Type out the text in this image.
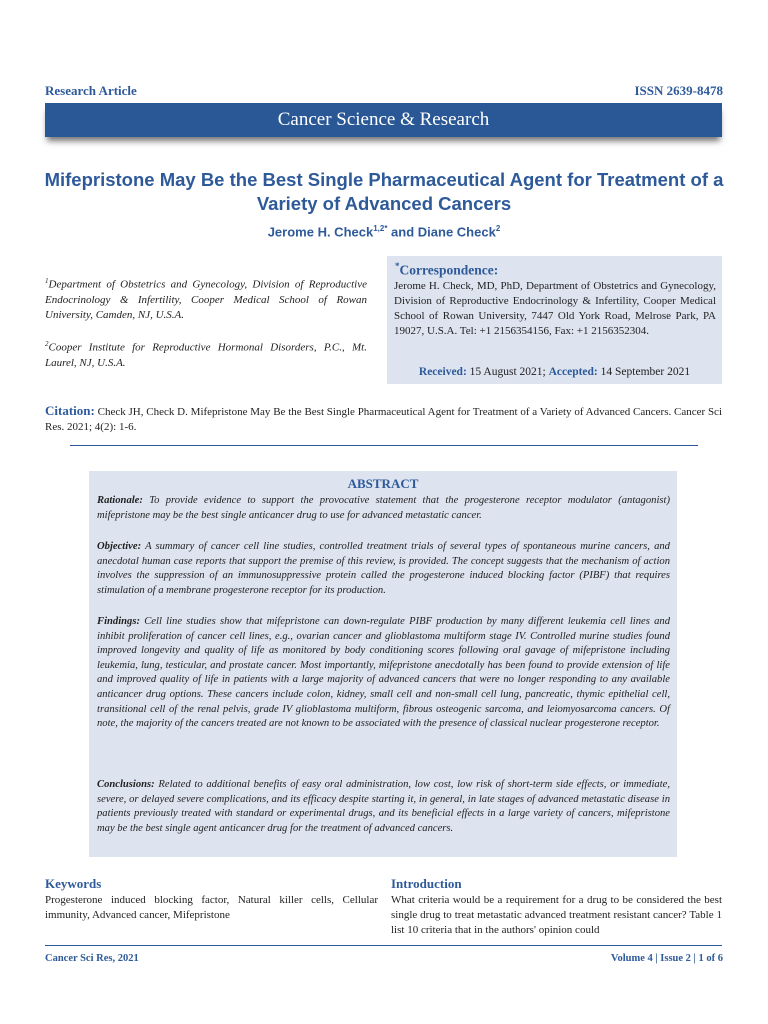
Research Article	ISSN 2639-8478
Cancer Science & Research
Mifepristone May Be the Best Single Pharmaceutical Agent for Treatment of a Variety of Advanced Cancers
Jerome H. Check$^{1,2*}$ and Diane Check$^2$
$^1$Department of Obstetrics and Gynecology, Division of Reproductive Endocrinology & Infertility, Cooper Medical School of Rowan University, Camden, NJ, U.S.A.
$^2$Cooper Institute for Reproductive Hormonal Disorders, P.C., Mt. Laurel, NJ, U.S.A.
*Correspondence:
Jerome H. Check, MD, PhD, Department of Obstetrics and Gynecology, Division of Reproductive Endocrinology & Infertility, Cooper Medical School of Rowan University, 7447 Old York Road, Melrose Park, PA 19027, U.S.A. Tel: +1 2156354156, Fax: +1 2156352304.
Received: 15 August 2021; Accepted: 14 September 2021
Citation: Check JH, Check D. Mifepristone May Be the Best Single Pharmaceutical Agent for Treatment of a Variety of Advanced Cancers. Cancer Sci Res. 2021; 4(2): 1-6.
ABSTRACT
Rationale: To provide evidence to support the provocative statement that the progesterone receptor modulator (antagonist) mifepristone may be the best single anticancer drug to use for advanced metastatic cancer.
Objective: A summary of cancer cell line studies, controlled treatment trials of several types of spontaneous murine cancers, and anecdotal human case reports that support the premise of this review, is provided. The concept suggests that the mechanism of action involves the suppression of an immunosuppressive protein called the progesterone induced blocking factor (PIBF) that requires stimulation of a membrane progesterone receptor for its production.
Findings: Cell line studies show that mifepristone can down-regulate PIBF production by many different leukemia cell lines and inhibit proliferation of cancer cell lines, e.g., ovarian cancer and glioblastoma multiform stage IV. Controlled murine studies found improved longevity and quality of life as monitored by body conditioning scores following oral gavage of mifepristone including leukemia, lung, testicular, and prostate cancer. Most importantly, mifepristone anecdotally has been found to provide extension of life and improved quality of life in patients with a large majority of advanced cancers that were no longer responding to any available anticancer drug options. These cancers include colon, kidney, small cell and non-small cell lung, pancreatic, thymic epithelial cell, transitional cell of the renal pelvis, grade IV glioblastoma multiform, fibrous osteogenic sarcoma, and leiomyosarcoma cancers. Of note, the majority of the cancers treated are not known to be associated with the presence of classical nuclear progesterone receptor.
Conclusions: Related to additional benefits of easy oral administration, low cost, low risk of short-term side effects, or immediate, severe, or delayed severe complications, and its efficacy despite starting it, in general, in late stages of advanced metastatic disease in patients previously treated with standard or experimental drugs, and its beneficial effects in a large variety of cancers, mifepristone may be the best single agent anticancer drug for the treatment of advanced cancers.
Keywords
Progesterone induced blocking factor, Natural killer cells, Cellular immunity, Advanced cancer, Mifepristone
Introduction
What criteria would be a requirement for a drug to be considered the best single drug to treat metastatic advanced treatment resistant cancer? Table 1 list 10 criteria that in the authors' opinion could
Cancer Sci Res, 2021	Volume 4 | Issue 2 | 1 of 6
